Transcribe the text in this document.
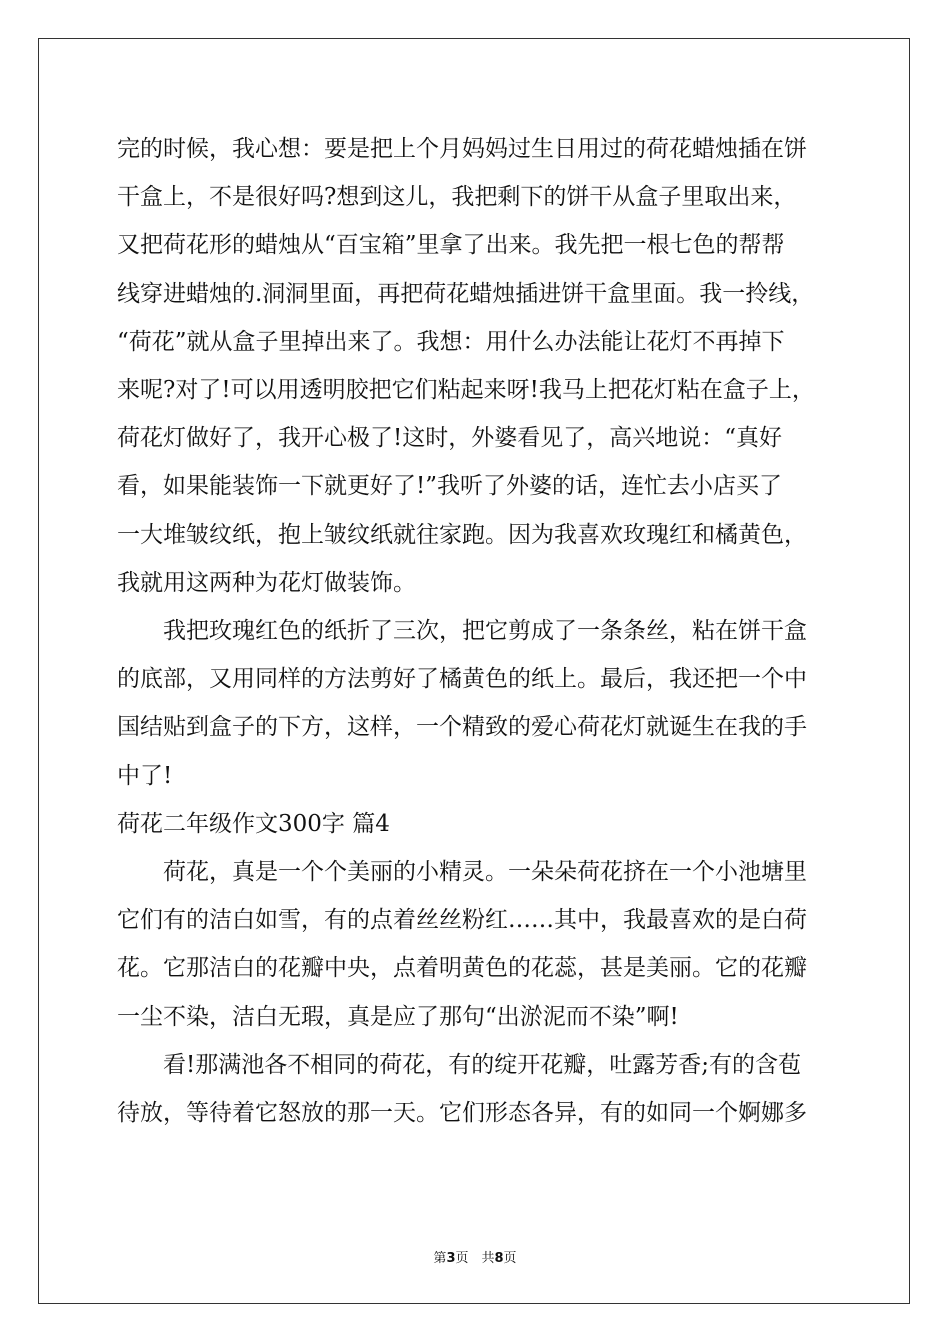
完的时候，我心想：要是把上个月妈妈过生日用过的荷花蜡烛插在饼

干盒上，不是很好吗?想到这儿，我把剩下的饼干从盒子里取出来，

又把荷花形的蜡烛从“百宝箱”里拿了出来。我先把一根七色的帮帮

线穿进蜡烛的.洞洞里面，再把荷花蜡烛插进饼干盒里面。我一拎线，

“荷花”就从盒子里掉出来了。我想：用什么办法能让花灯不再掉下

来呢?对了!可以用透明胶把它们粘起来呀!我马上把花灯粘在盒子上，

荷花灯做好了，我开心极了!这时，外婆看见了，高兴地说：“真好

看，如果能装饰一下就更好了!”我听了外婆的话，连忙去小店买了

一大堆皱纹纸，抱上皱纹纸就往家跑。因为我喜欢玫瑰红和橘黄色，

我就用这两种为花灯做装饰。

我把玫瑰红色的纸折了三次，把它剪成了一条条丝，粘在饼干盒

的底部，又用同样的方法剪好了橘黄色的纸上。最后，我还把一个中

国结贴到盒子的下方，这样，一个精致的爱心荷花灯就诞生在我的手

中了!

荷花二年级作文300字 篇4

荷花，真是一个个美丽的小精灵。一朵朵荷花挤在一个小池塘里

它们有的洁白如雪，有的点着丝丝粉红……其中，我最喜欢的是白荷

花。它那洁白的花瓣中央，点着明黄色的花蕊，甚是美丽。它的花瓣

一尘不染，洁白无瑕，真是应了那句“出淤泥而不染”啊!

看!那满池各不相同的荷花，有的绽开花瓣，吐露芳香;有的含苞

待放，等待着它怒放的那一天。它们形态各异，有的如同一个婀娜多

第3页　共8页
